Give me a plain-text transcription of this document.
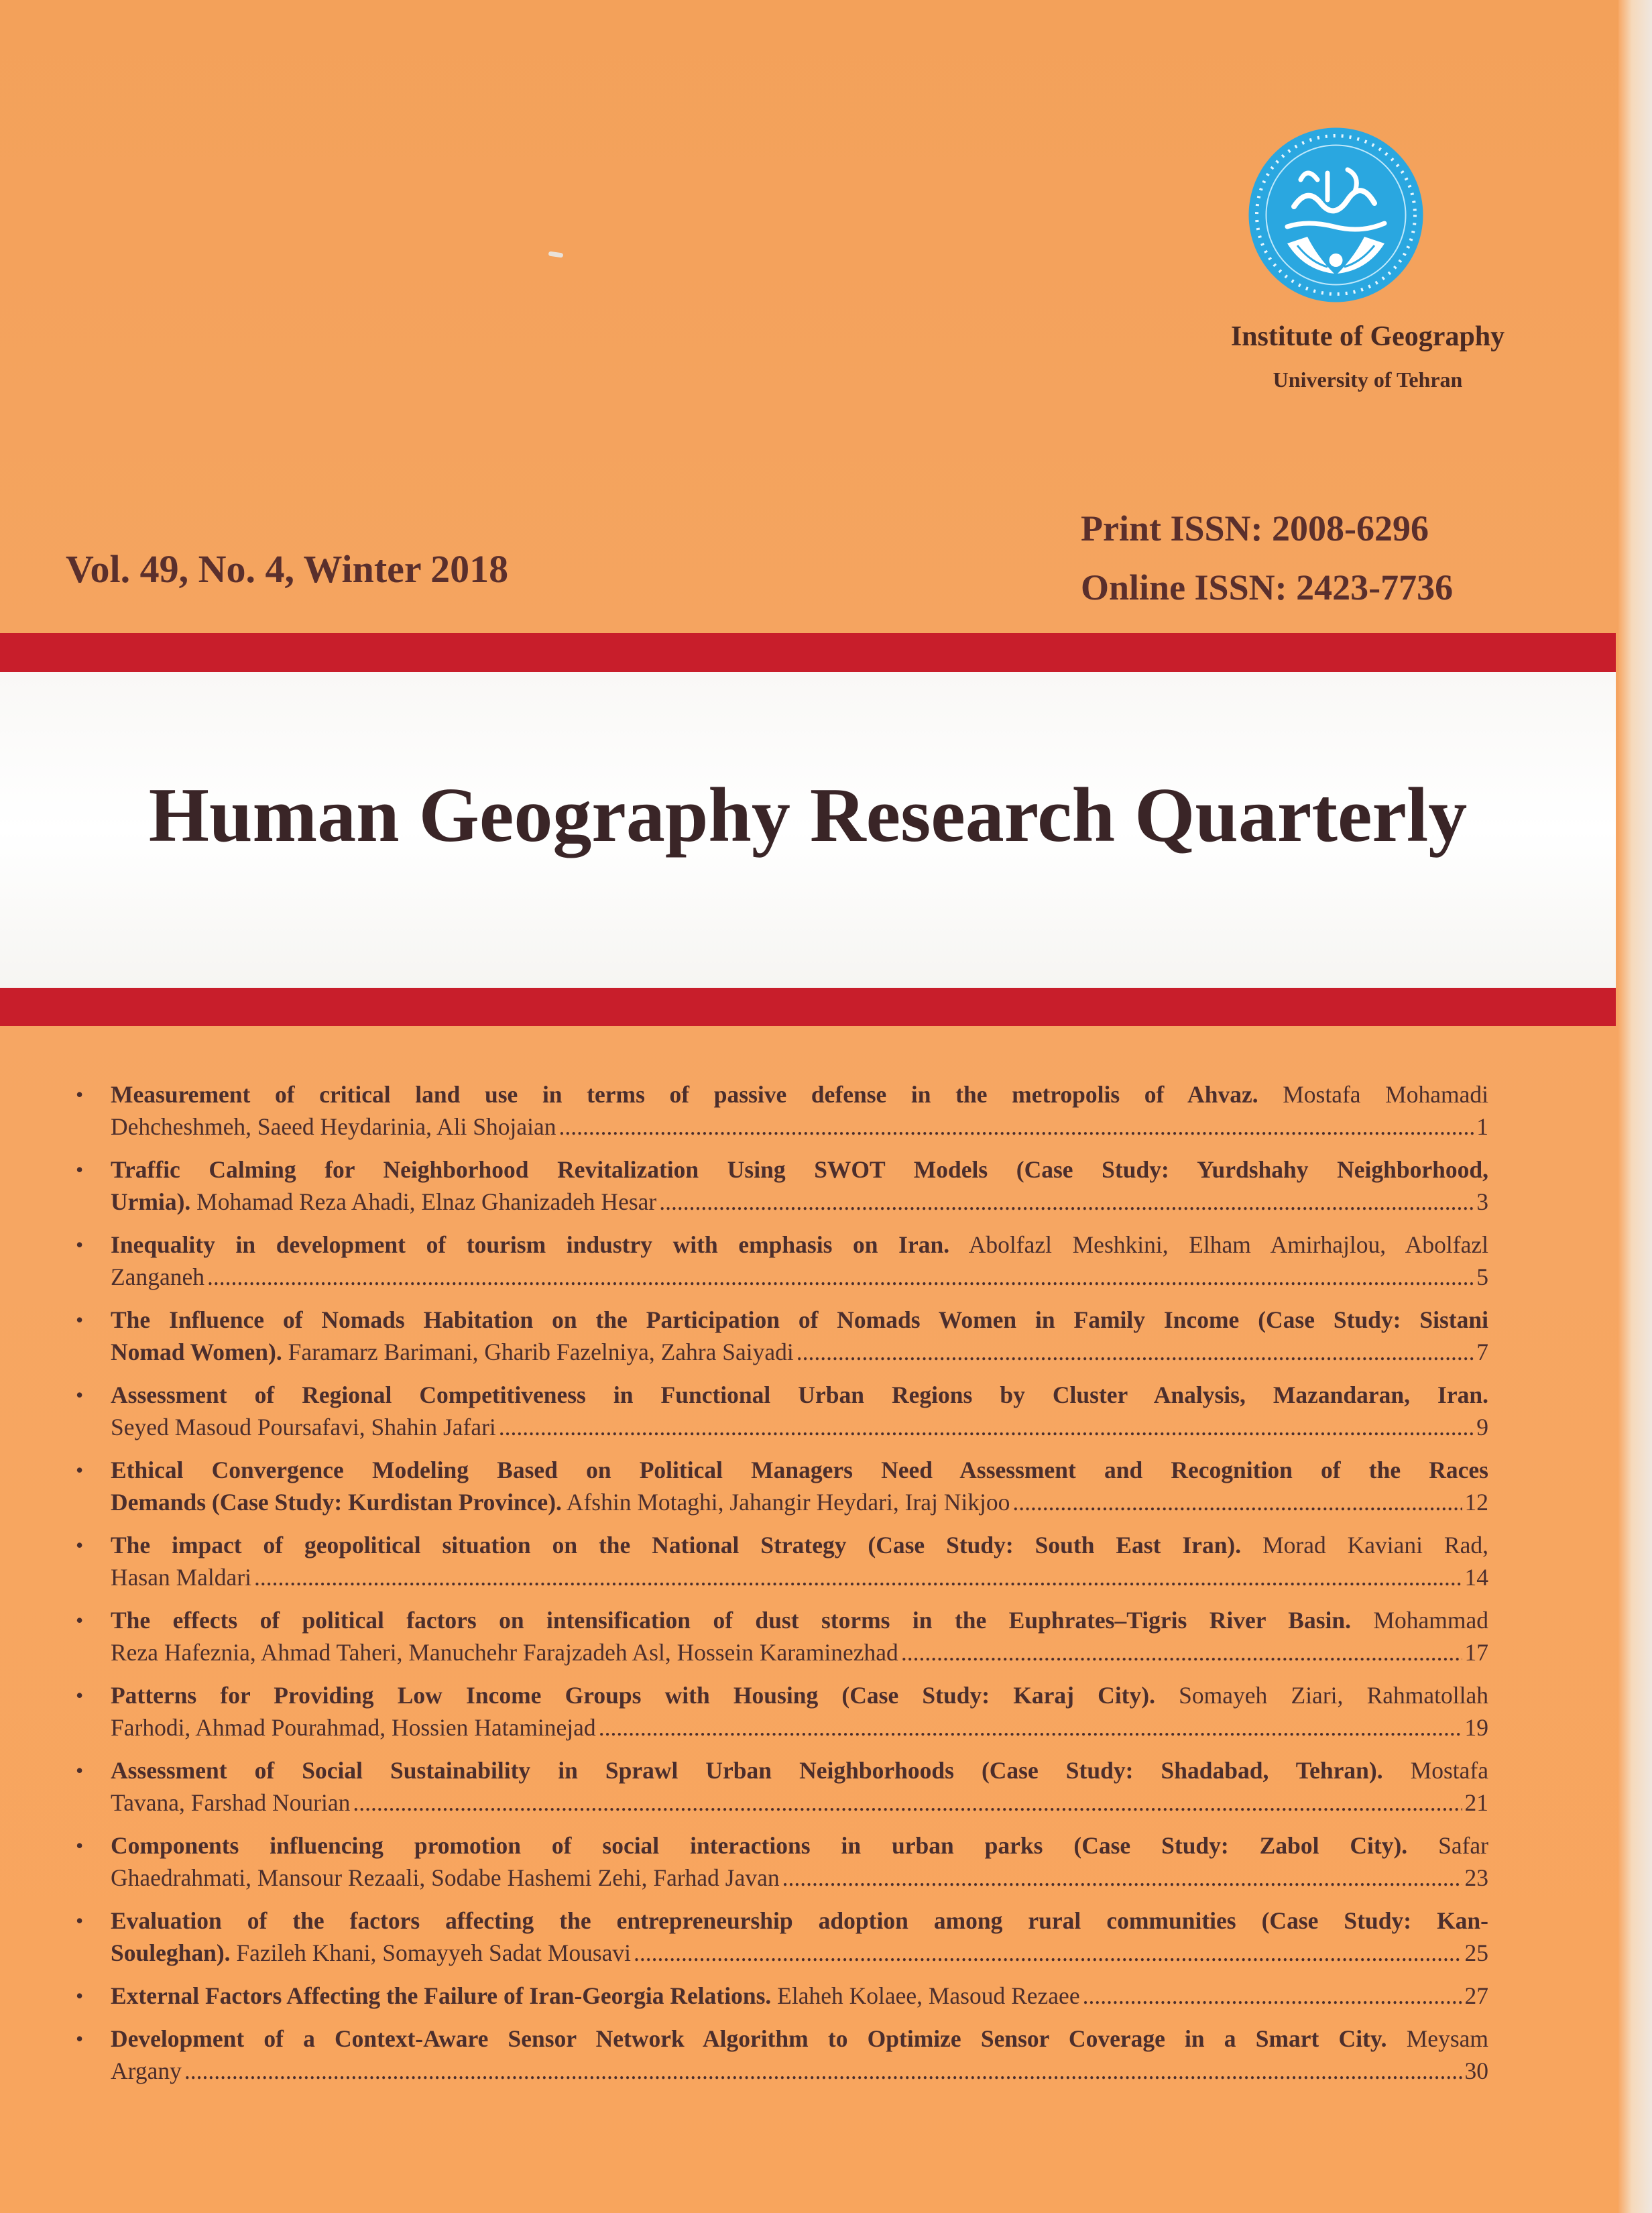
Institute of Geography
University of Tehran
Print ISSN: 2008-6296
Online ISSN: 2423-7736
Vol. 49, No. 4, Winter 2018
Human Geography Research Quarterly
• Measurement of critical land use in terms of passive defense in the metropolis of Ahvaz. Mostafa Mohamadi
Dehcheshmeh, Saeed Heydarinia, Ali Shojaian .....	1
• Traffic Calming for Neighborhood Revitalization Using SWOT Models (Case Study: Yurdshahy Neighborhood,
Urmia). Mohamad Reza Ahadi, Elnaz Ghanizadeh Hesar .....	3
• Inequality in development of tourism industry with emphasis on Iran. Abolfazl Meshkini, Elham Amirhajlou, Abolfazl
Zanganeh .....	5
• The Influence of Nomads Habitation on the Participation of Nomads Women in Family Income (Case Study: Sistani
Nomad Women). Faramarz Barimani, Gharib Fazelniya, Zahra Saiyadi .....	7
• Assessment of Regional Competitiveness in Functional Urban Regions by Cluster Analysis, Mazandaran, Iran.
Seyed Masoud Poursafavi, Shahin Jafari .....	9
• Ethical Convergence Modeling Based on Political Managers Need Assessment and Recognition of the Races
Demands (Case Study: Kurdistan Province). Afshin Motaghi, Jahangir Heydari, Iraj Nikjoo .....	12
• The impact of geopolitical situation on the National Strategy (Case Study: South East Iran). Morad Kaviani Rad,
Hasan Maldari .....	14
• The effects of political factors on intensification of dust storms in the Euphrates–Tigris River Basin. Mohammad
Reza Hafeznia, Ahmad Taheri, Manuchehr Farajzadeh Asl, Hossein Karaminezhad .....	17
• Patterns for Providing Low Income Groups with Housing (Case Study: Karaj City). Somayeh Ziari, Rahmatollah
Farhodi, Ahmad Pourahmad, Hossien Hataminejad .....	19
• Assessment of Social Sustainability in Sprawl Urban Neighborhoods (Case Study: Shadabad, Tehran). Mostafa
Tavana, Farshad Nourian .....	21
• Components influencing promotion of social interactions in urban parks (Case Study: Zabol City). Safar
Ghaedrahmati, Mansour Rezaali, Sodabe Hashemi Zehi, Farhad Javan .....	23
• Evaluation of the factors affecting the entrepreneurship adoption among rural communities (Case Study: Kan-
Souleghan). Fazileh Khani, Somayyeh Sadat Mousavi .....	25
• External Factors Affecting the Failure of Iran-Georgia Relations. Elaheh Kolaee, Masoud Rezaee .....	27
• Development of a Context-Aware Sensor Network Algorithm to Optimize Sensor Coverage in a Smart City. Meysam
Argany .....	30
